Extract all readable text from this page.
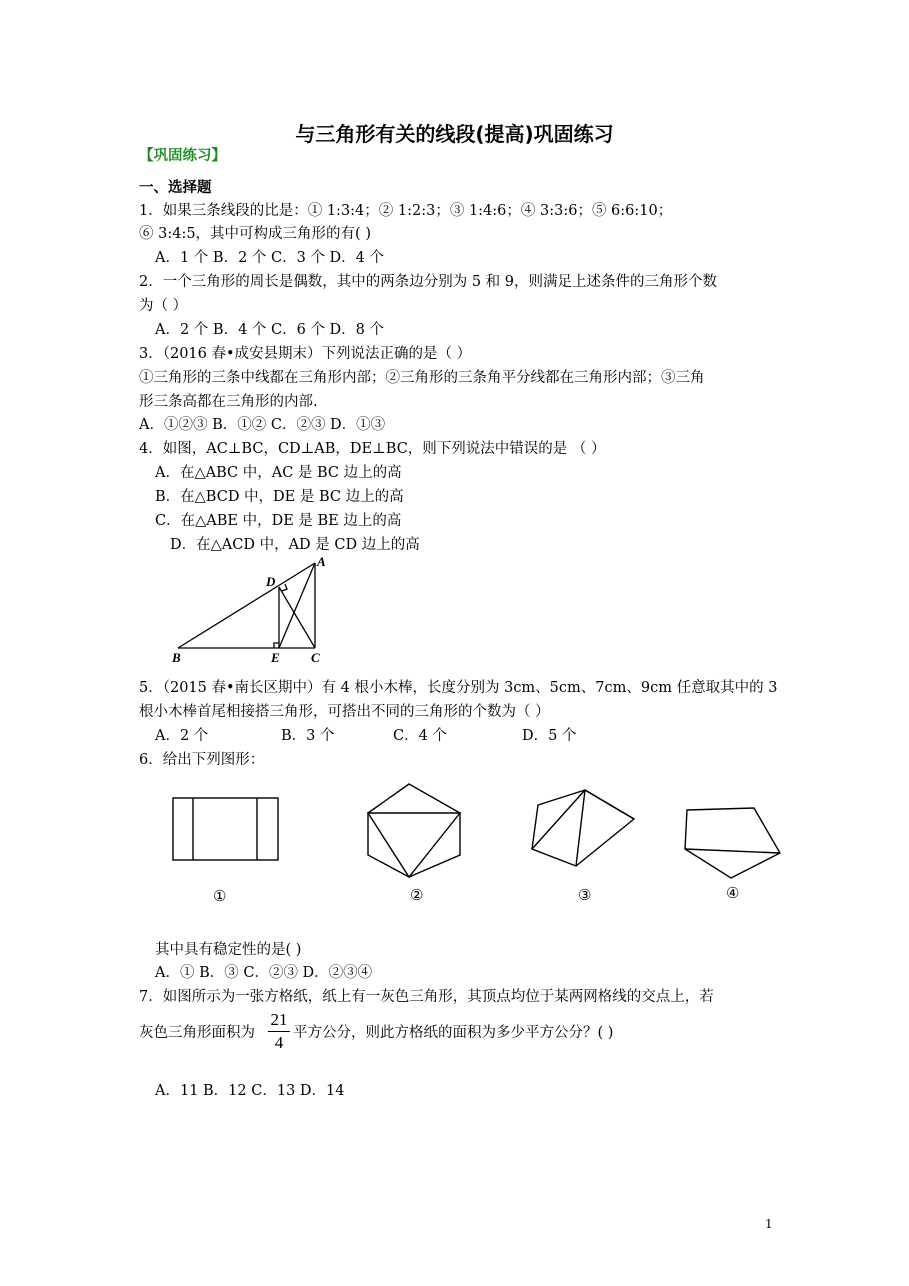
与三角形有关的线段(提高)巩固练习
【巩固练习】
一、选择题
1．如果三条线段的比是：① 1:3:4；② 1:2:3；③ 1:4:6；④ 3:3:6；⑤ 6:6:10；
⑥ 3:4:5，其中可构成三角形的有( )
A．1 个 B．2 个 C．3 个 D．4 个
2．一个三角形的周长是偶数，其中的两条边分别为 5 和 9，则满足上述条件的三角形个数
为（ ）
A．2 个 B．4 个 C．6 个 D．8 个
3．（2016 春•成安县期末）下列说法正确的是（ ）
①三角形的三条中线都在三角形内部；②三角形的三条角平分线都在三角形内部；③三角
形三条高都在三角形的内部.
A．①②③ B．①② C．②③ D．①③
4．如图，AC⊥BC，CD⊥AB，DE⊥BC，则下列说法中错误的是 （ ）
A．在△ABC 中，AC 是 BC 边上的高
B．在△BCD 中，DE 是 BC 边上的高
C．在△ABE 中，DE 是 BE 边上的高
D．在△ACD 中，AD 是 CD 边上的高
A
B	C
D
E
5．（2015 春•南长区期中）有 4 根小木棒，长度分别为 3cm、5cm、7cm、9cm 任意取其中的 3
根小木棒首尾相接搭三角形，可搭出不同的三角形的个数为（ ）
A．2 个	B．3 个	C．4 个	D．5 个
6．给出下列图形：
①	②	③	④
其中具有稳定性的是( )
A．① B．③ C．②③ D．②③④
7．如图所示为一张方格纸，纸上有一灰色三角形，其顶点均位于某两网格线的交点上，若
灰色三角形面积为
21
4 平方公分，则此方格纸的面积为多少平方公分？( )
A．11 B．12 C．13 D．14
1
